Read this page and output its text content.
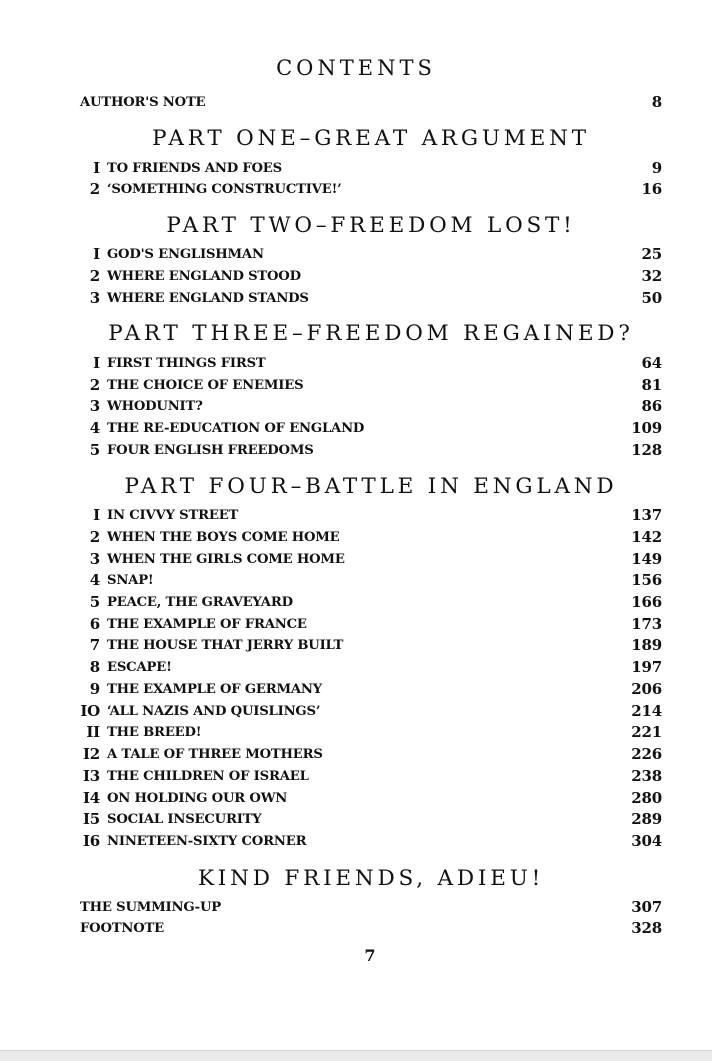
CONTENTS
AUTHOR'S NOTE	8
PART ONE–GREAT ARGUMENT
I TO FRIENDS AND FOES	9
2 ‘SOMETHING CONSTRUCTIVE!’	16
PART TWO–FREEDOM LOST!
I GOD'S ENGLISHMAN	25
2 WHERE ENGLAND STOOD	32
3 WHERE ENGLAND STANDS	50
PART THREE–FREEDOM REGAINED?
I FIRST THINGS FIRST	64
2 THE CHOICE OF ENEMIES	81
3 WHODUNIT?	86
4 THE RE-EDUCATION OF ENGLAND	109
5 FOUR ENGLISH FREEDOMS	128
PART FOUR–BATTLE IN ENGLAND
I IN CIVVY STREET	137
2 WHEN THE BOYS COME HOME	142
3 WHEN THE GIRLS COME HOME	149
4 SNAP!	156
5 PEACE, THE GRAVEYARD	166
6 THE EXAMPLE OF FRANCE	173
7 THE HOUSE THAT JERRY BUILT	189
8 ESCAPE!	197
9 THE EXAMPLE OF GERMANY	206
IO ‘ALL NAZIS AND QUISLINGS’	214
II THE BREED!	221
I2 A TALE OF THREE MOTHERS	226
I3 THE CHILDREN OF ISRAEL	238
I4 ON HOLDING OUR OWN	280
I5 SOCIAL INSECURITY	289
I6 NINETEEN-SIXTY CORNER	304
KIND FRIENDS, ADIEU!
THE SUMMING-UP	307
FOOTNOTE	328
7
